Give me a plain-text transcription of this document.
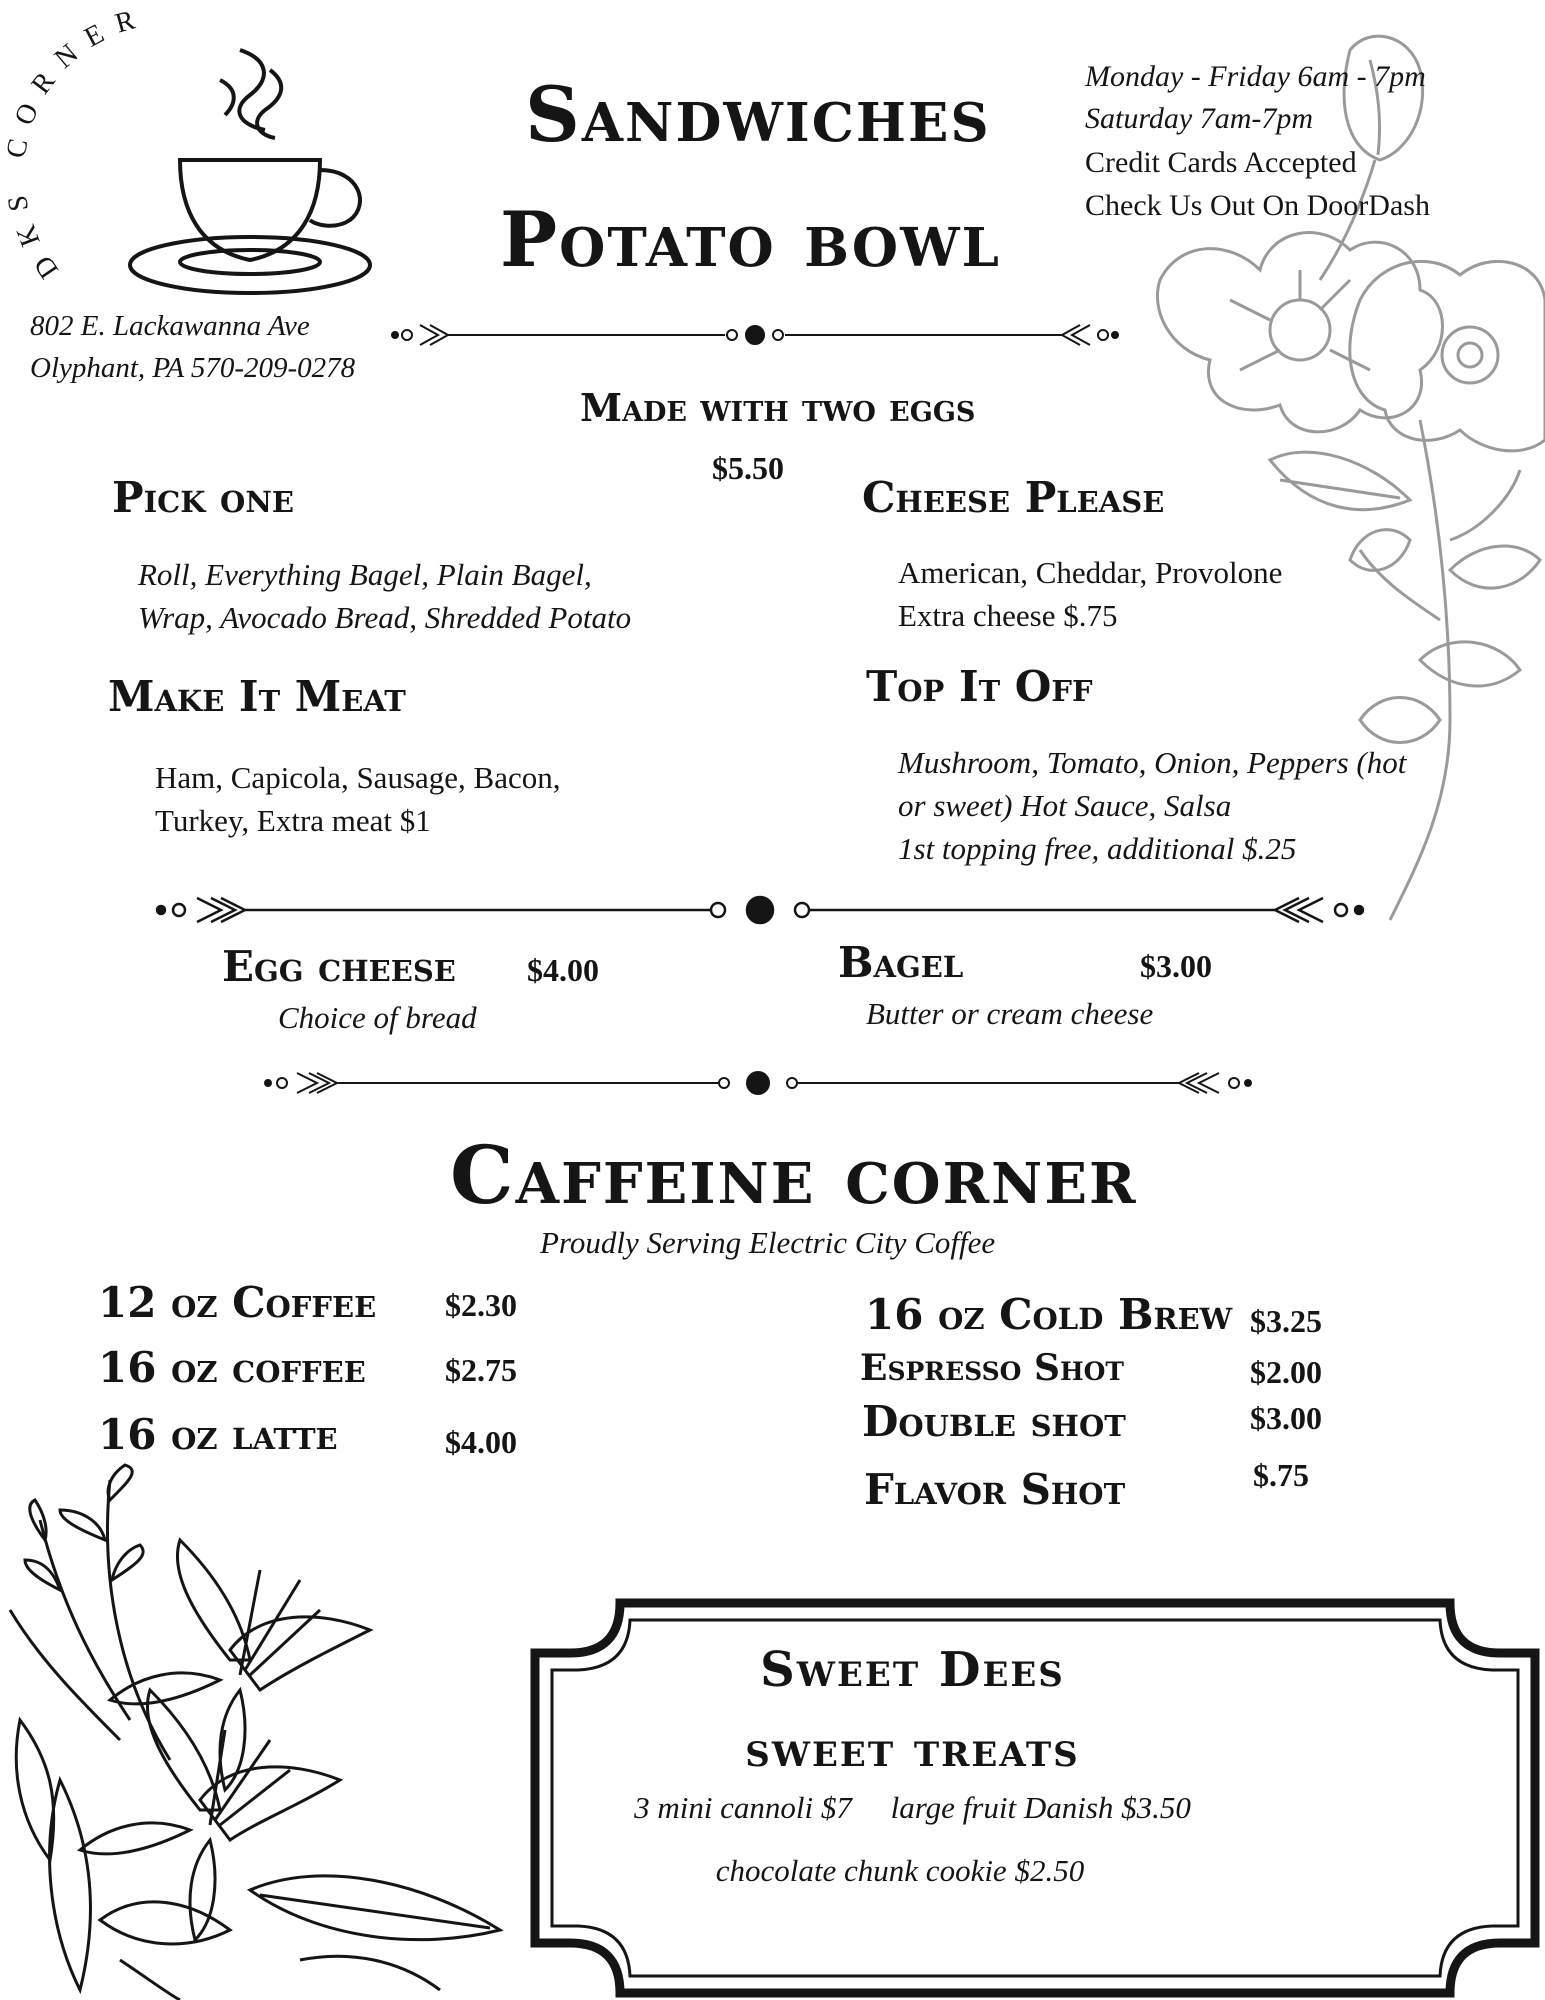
DKS CORNER
802 E. Lackawanna Ave
Olyphant, PA 570-209-0278
Sandwiches
Potato bowl
Monday - Friday 6am - 7pm
Saturday 7am-7pm
Credit Cards Accepted
Check Us Out On DoorDash
Made with two eggs
$5.50
Pick one
Roll, Everything Bagel, Plain Bagel,
Wrap, Avocado Bread, Shredded Potato
Cheese Please
American, Cheddar, Provolone
Extra cheese $.75
Make It Meat
Ham, Capicola, Sausage, Bacon,
Turkey, Extra meat $1
Top It Off
Mushroom, Tomato, Onion, Peppers (hot
or sweet) Hot Sauce, Salsa
1st topping free, additional $.25
Egg cheese $4.00
Choice of bread
Bagel	$3.00
Butter or cream cheese
Caffeine corner
Proudly Serving Electric City Coffee
12 oz Coffee $2.30
16 oz coffee $2.75
16 oz latte	$4.00
16 oz Cold Brew $3.25
Espresso Shot	$2.00
Double shot	$3.00
Flavor Shot	$.75
Sweet Dees
sweet treats
3 mini cannoli $7     large fruit Danish $3.50
chocolate chunk cookie $2.50
